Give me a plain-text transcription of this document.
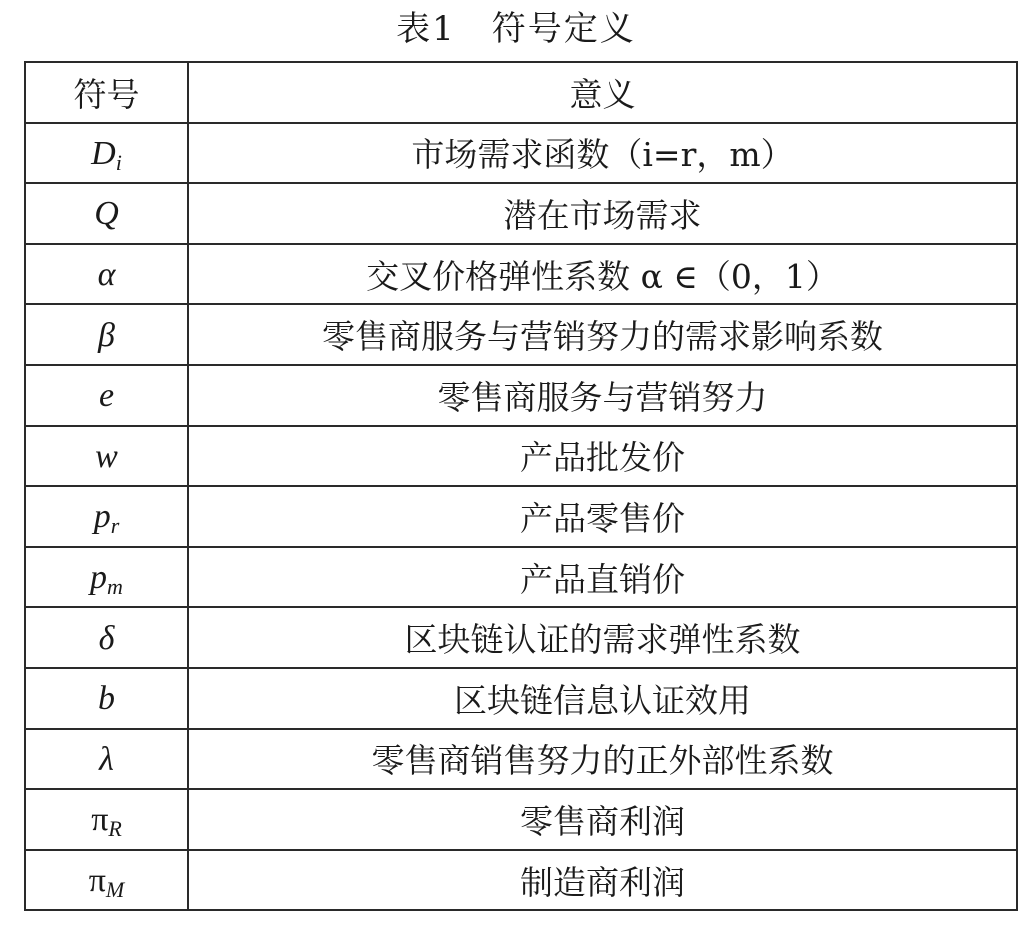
表1　符号定义
符号	意义
$D_i$	市场需求函数（i=r，m）
Q	潜在市场需求
α	交叉价格弹性系数 α ∈（0，1）
β	零售商服务与营销努力的需求影响系数
e	零售商服务与营销努力
w	产品批发价
$p_r$	产品零售价
$p_m$	产品直销价
δ	区块链认证的需求弹性系数
b	区块链信息认证效用
λ	零售商销售努力的正外部性系数
$\pi_R$	零售商利润
$\pi_M$	制造商利润
